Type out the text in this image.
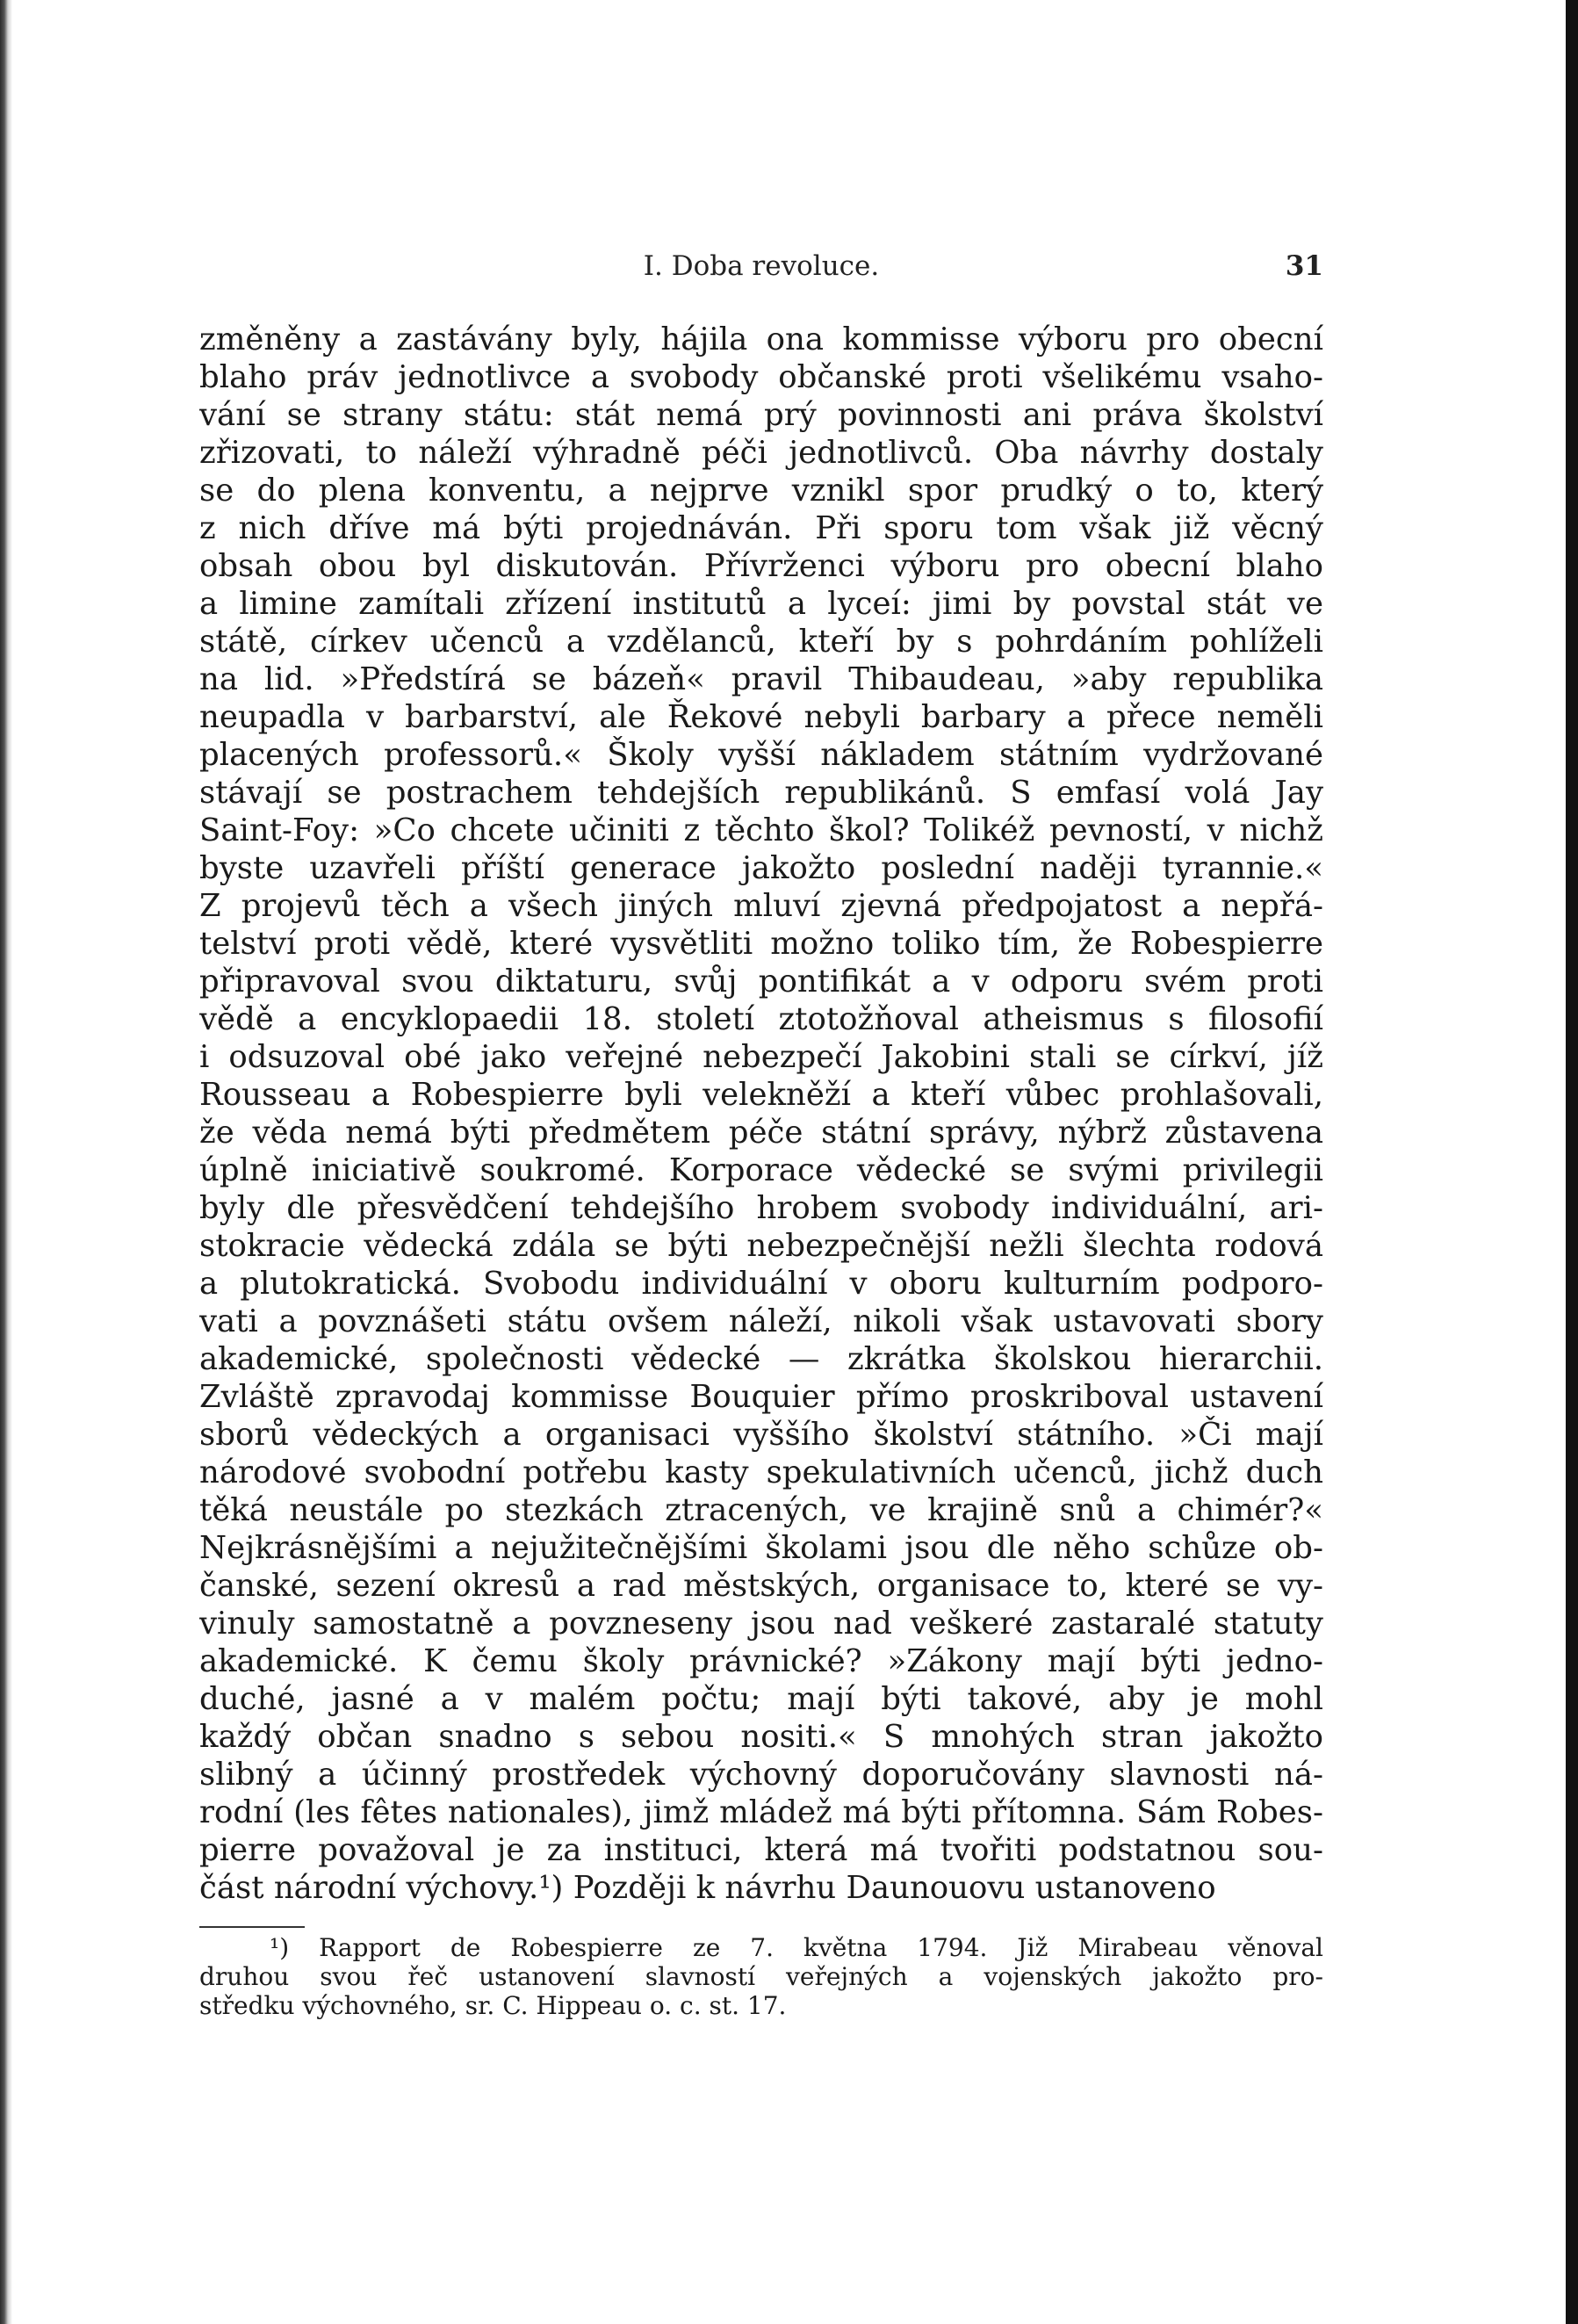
I. Doba revoluce.	31
změněny a zastávány byly, hájila ona kommisse výboru pro obecní
blaho práv jednotlivce a svobody občanské proti všelikému vsaho-
vání se strany státu: stát nemá prý povinnosti ani práva školství
zřizovati, to náleží výhradně péči jednotlivců. Oba návrhy dostaly
se do plena konventu, a nejprve vznikl spor prudký o to, který
z nich dříve má býti projednáván. Při sporu tom však již věcný
obsah obou byl diskutován. Přívrženci výboru pro obecní blaho
a limine zamítali zřízení institutů a lyceí: jimi by povstal stát ve
státě, církev učenců a vzdělanců, kteří by s pohrdáním pohlíželi
na lid. »Předstírá se bázeň« pravil Thibaudeau, »aby republika
neupadla v barbarství, ale Řekové nebyli barbary a přece neměli
placených professorů.« Školy vyšší nákladem státním vydržované
stávají se postrachem tehdejších republikánů. S emfasí volá Jay
Saint-Foy: »Co chcete učiniti z těchto škol? Tolikéž pevností, v nichž
byste uzavřeli příští generace jakožto poslední naději tyrannie.«
Z projevů těch a všech jiných mluví zjevná předpojatost a nepřá-
telství proti vědě, které vysvětliti možno toliko tím, že Robespierre
připravoval svou diktaturu, svůj pontifikát a v odporu svém proti
vědě a encyklopaedii 18. století ztotožňoval atheismus s filosofií
i odsuzoval obé jako veřejné nebezpečí Jakobini stali se církví, jíž
Rousseau a Robespierre byli velekněží a kteří vůbec prohlašovali,
že věda nemá býti předmětem péče státní správy, nýbrž zůstavena
úplně iniciativě soukromé. Korporace vědecké se svými privilegii
byly dle přesvědčení tehdejšího hrobem svobody individuální, ari-
stokracie vědecká zdála se býti nebezpečnější nežli šlechta rodová
a plutokratická. Svobodu individuální v oboru kulturním podporo-
vati a povznášeti státu ovšem náleží, nikoli však ustavovati sbory
akademické, společnosti vědecké — zkrátka školskou hierarchii.
Zvláště zpravodaj kommisse Bouquier přímo proskriboval ustavení
sborů vědeckých a organisaci vyššího školství státního. »Či mají
národové svobodní potřebu kasty spekulativních učenců, jichž duch
těká neustále po stezkách ztracených, ve krajině snů a chimér?«
Nejkrásnějšími a nejužitečnějšími školami jsou dle něho schůze ob-
čanské, sezení okresů a rad městských, organisace to, které se vy-
vinuly samostatně a povzneseny jsou nad veškeré zastaralé statuty
akademické. K čemu školy právnické? »Zákony mají býti jedno-
duché, jasné a v malém počtu; mají býti takové, aby je mohl
každý občan snadno s sebou nositi.« S mnohých stran jakožto
slibný a účinný prostředek výchovný doporučovány slavnosti ná-
rodní (les fêtes nationales), jimž mládež má býti přítomna. Sám Robes-
pierre považoval je za instituci, která má tvořiti podstatnou sou-
část národní výchovy.¹) Později k návrhu Daunouovu ustanoveno
¹) Rapport de Robespierre ze 7. května 1794. Již Mirabeau věnoval
druhou svou řeč ustanovení slavností veřejných a vojenských jakožto pro-
středku výchovného, sr. C. Hippeau o. c. st. 17.
